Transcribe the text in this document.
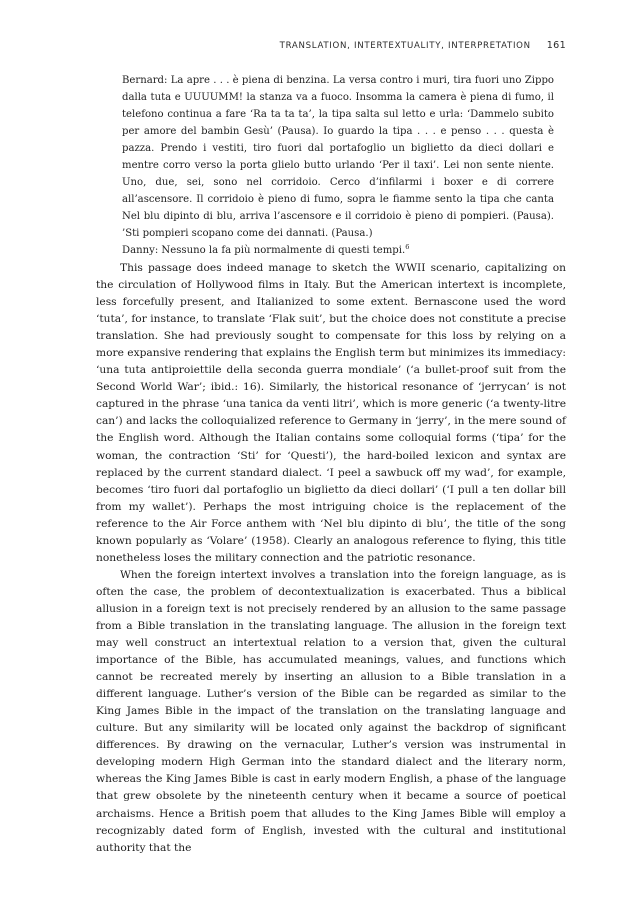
TRANSLATION, INTERTEXTUALITY, INTERPRETATION 161

Bernard: La apre . . . è piena di benzina. La versa contro i muri, tira fuori uno Zippo dalla tuta e UUUUMM! la stanza va a fuoco. Insomma la camera è piena di fumo, il telefono continua a fare ‘Ra ta ta ta’, la tipa salta sul letto e urla: ‘Dammelo subito per amore del bambin Gesù’ (Pausa). Io guardo la tipa . . . e penso . . . questa è pazza. Prendo i vestiti, tiro fuori dal portafoglio un biglietto da dieci dollari e mentre corro verso la porta glielo butto urlando ‘Per il taxi’. Lei non sente niente. Uno, due, sei, sono nel corridoio. Cerco d’infilarmi i boxer e di correre all’ascensore. Il corridoio è pieno di fumo, sopra le fiamme sento la tipa che canta Nel blu dipinto di blu, arriva l’ascensore e il corridoio è pieno di pompieri. (Pausa). ’Sti pompieri scopano come dei dannati. (Pausa.)

Danny: Nessuno la fa più normalmente di questi tempi.$^6$

This passage does indeed manage to sketch the WWII scenario, capitalizing on the circulation of Hollywood films in Italy. But the American intertext is incomplete, less forcefully present, and Italianized to some extent. Bernascone used the word ‘tuta’, for instance, to translate ‘Flak suit’, but the choice does not constitute a precise translation. She had previously sought to compensate for this loss by relying on a more expansive rendering that explains the English term but minimizes its immediacy: ‘una tuta antiproiettile della seconda guerra mondiale’ (‘a bullet-proof suit from the Second World War’; ibid.: 16). Similarly, the historical resonance of ‘jerrycan’ is not captured in the phrase ‘una tanica da venti litri’, which is more generic (‘a twenty-litre can’) and lacks the colloquialized reference to Germany in ‘jerry’, in the mere sound of the English word. Although the Italian contains some colloquial forms (‘tipa’ for the woman, the contraction ‘Sti’ for ‘Questi’), the hard-boiled lexicon and syntax are replaced by the current standard dialect. ‘I peel a sawbuck off my wad’, for example, becomes ‘tiro fuori dal portafoglio un biglietto da dieci dollari’ (‘I pull a ten dollar bill from my wallet’). Perhaps the most intriguing choice is the replacement of the reference to the Air Force anthem with ‘Nel blu dipinto di blu’, the title of the song known popularly as ‘Volare’ (1958). Clearly an analogous reference to flying, this title nonetheless loses the military connection and the patriotic resonance.

When the foreign intertext involves a translation into the foreign language, as is often the case, the problem of decontextualization is exacerbated. Thus a biblical allusion in a foreign text is not precisely rendered by an allusion to the same passage from a Bible translation in the translating language. The allusion in the foreign text may well construct an intertextual relation to a version that, given the cultural importance of the Bible, has accumulated meanings, values, and functions which cannot be recreated merely by inserting an allusion to a Bible translation in a different language. Luther’s version of the Bible can be regarded as similar to the King James Bible in the impact of the translation on the translating language and culture. But any similarity will be located only against the backdrop of significant differences. By drawing on the vernacular, Luther’s version was instrumental in developing modern High German into the standard dialect and the literary norm, whereas the King James Bible is cast in early modern English, a phase of the language that grew obsolete by the nineteenth century when it became a source of poetical archaisms. Hence a British poem that alludes to the King James Bible will employ a recognizably dated form of English, invested with the cultural and institutional authority that the
